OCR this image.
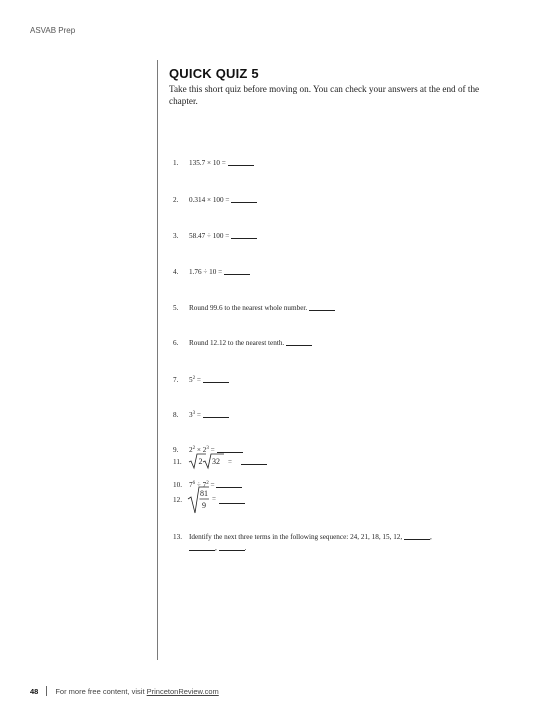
ASVAB Prep
QUICK QUIZ 5
Take this short quiz before moving on. You can check your answers at the end of the chapter.
1. 135.7 × 10 =
2. 0.314 × 100 =
3. 58.47 ÷ 100 =
4. 1.76 ÷ 10 =
5. Round 99.6 to the nearest whole number.
6. Round 12.12 to the nearest tenth.
7. $5^2$ =
8. $3^3$ =
9. $2^2 \times 2^3$ =
10. $7^6 \div 7^2$ =
11.	2 32 =
12.
81
9
=
13. Identify the next three terms in the following sequence: 24, 21, 18, 15, 12,	,
,	.
48 For more free content, visit
PrincetonReview.com
